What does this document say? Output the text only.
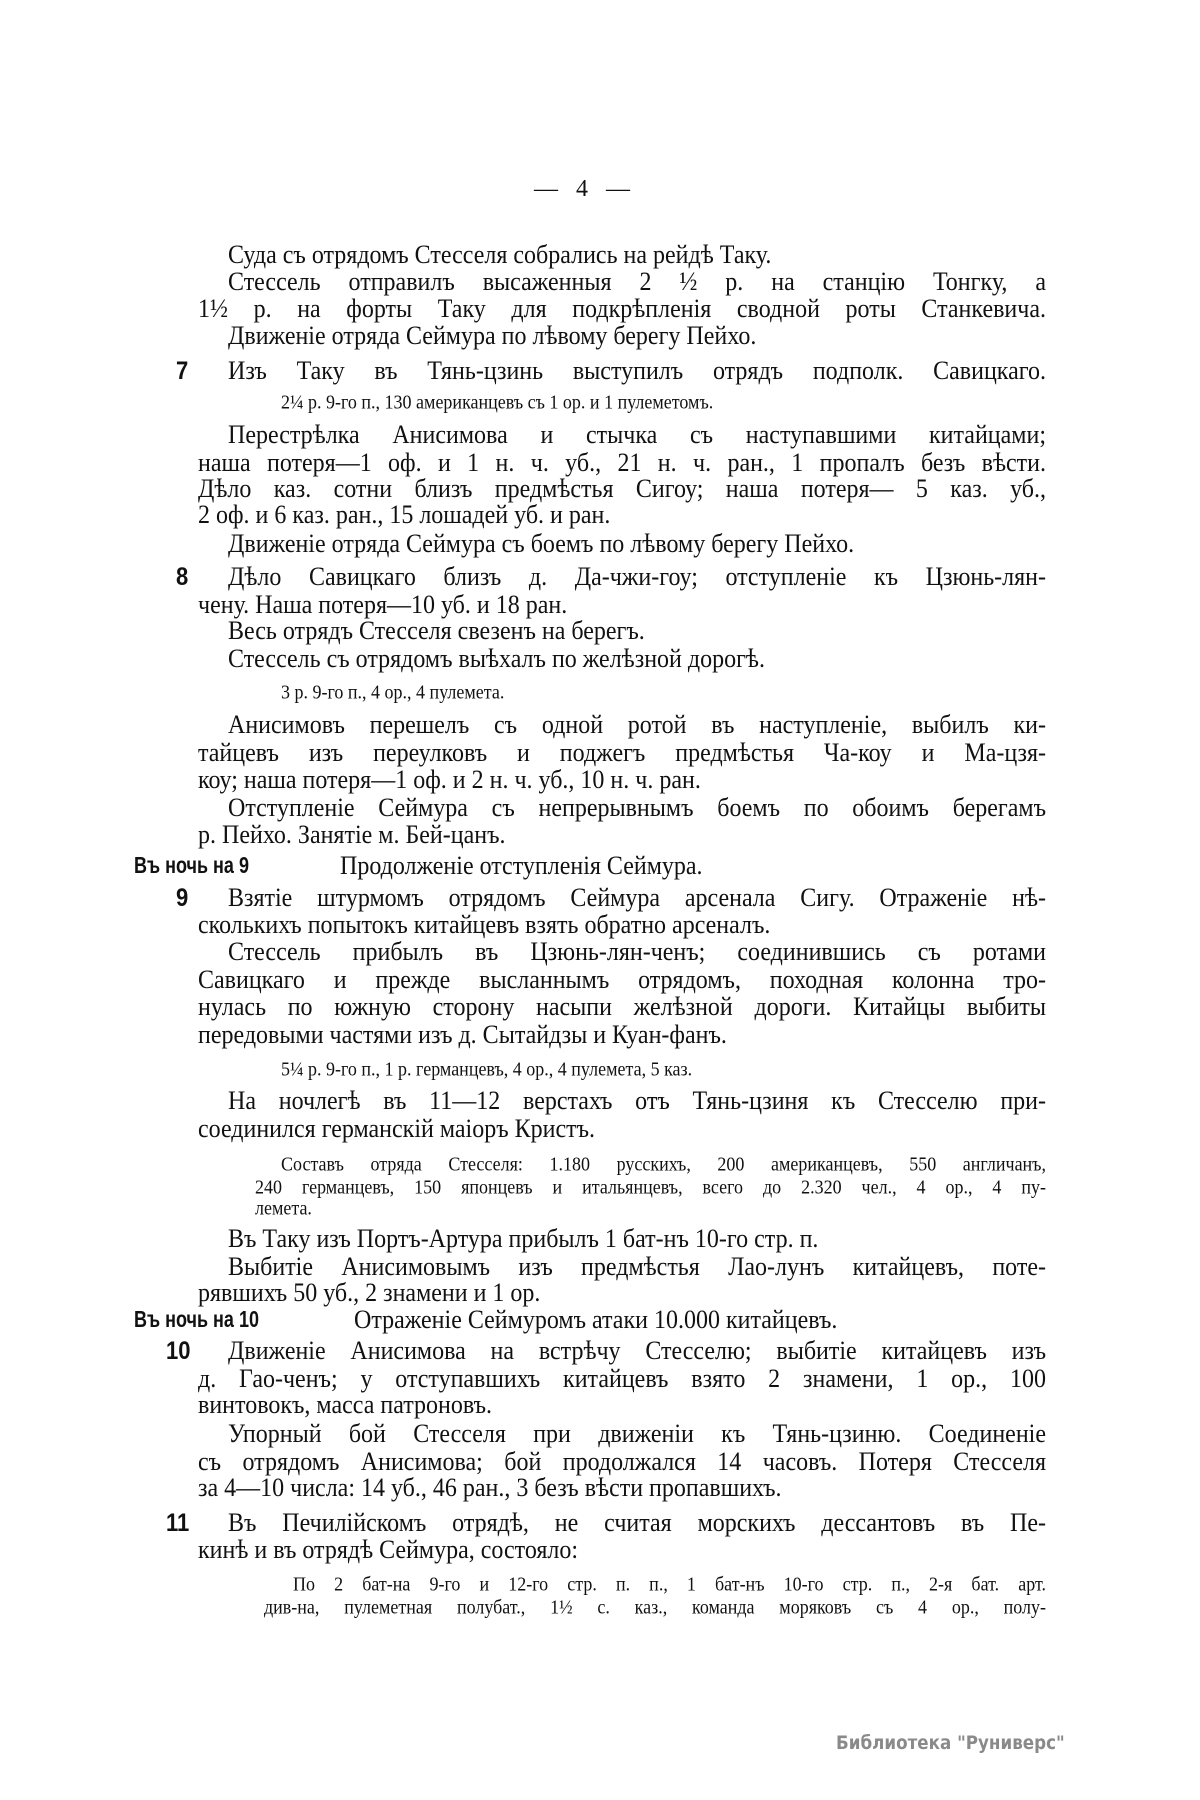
— 4 —
Суда съ отрядомъ Стесселя собрались на рейдѣ Таку.
Стессель отправилъ высаженныя 2 ½ р. на станцію Тонгку, а
1½ р. на форты Таку для подкрѣпленія сводной роты Станкевича.
Движеніе отряда Сеймура по лѣвому берегу Пейхо.
7 Изъ Таку въ Тянь-цзинь выступилъ отрядъ подполк. Савицкаго.
2¼ р. 9-го п., 130 американцевъ съ 1 ор. и 1 пулеметомъ.
Перестрѣлка Анисимова и стычка съ наступавшими китайцами;
наша потеря—1 оф. и 1 н. ч. уб., 21 н. ч. ран., 1 пропалъ безъ вѣсти.
Дѣло каз. сотни близъ предмѣстья Сигоу; наша потеря— 5 каз. уб.,
2 оф. и 6 каз. ран., 15 лошадей уб. и ран.
Движеніе отряда Сеймура съ боемъ по лѣвому берегу Пейхо.
8 Дѣло Савицкаго близъ д. Да-чжи-гоу; отступленіе къ Цзюнь-лян-
чену. Наша потеря—10 уб. и 18 ран.
Весь отрядъ Стесселя свезенъ на берегъ.
Стессель съ отрядомъ выѣхалъ по желѣзной дорогѣ.
3 р. 9-го п., 4 ор., 4 пулемета.
Анисимовъ перешелъ съ одной ротой въ наступленіе, выбилъ ки-
тайцевъ изъ переулковъ и поджегъ предмѣстья Ча-коу и Ма-цзя-
коу; наша потеря—1 оф. и 2 н. ч. уб., 10 н. ч. ран.
Отступленіе Сеймура съ непрерывнымъ боемъ по обоимъ берегамъ
р. Пейхо. Занятіе м. Бей-цанъ.
Въ ночь на 9	Продолженіе отступленія Сеймура.
9 Взятіе штурмомъ отрядомъ Сеймура арсенала Сигу. Отраженіе нѣ-
сколькихъ попытокъ китайцевъ взять обратно арсеналъ.
Стессель прибылъ въ Цзюнь-лян-ченъ; соединившись съ ротами
Савицкаго и прежде высланнымъ отрядомъ, походная колонна тро-
нулась по южную сторону насыпи желѣзной дороги. Китайцы выбиты
передовыми частями изъ д. Сытайдзы и Куан-фанъ.
5¼ р. 9-го п., 1 р. германцевъ, 4 ор., 4 пулемета, 5 каз.
На ночлегѣ въ 11—12 верстахъ отъ Тянь-цзиня къ Стесселю при-
соединился германскій маіоръ Кристъ.
Составъ отряда Стесселя: 1.180 русскихъ, 200 американцевъ, 550 англичанъ,
240 германцевъ, 150 японцевъ и итальянцевъ, всего до 2.320 чел., 4 ор., 4 пу-
лемета.
Въ Таку изъ Портъ-Артура прибылъ 1 бат-нъ 10-го стр. п.
Выбитіе Анисимовымъ изъ предмѣстья Лао-лунъ китайцевъ, поте-
рявшихъ 50 уб., 2 знамени и 1 ор.
Въ ночь на 10	Отраженіе Сеймуромъ атаки 10.000 китайцевъ.
10 Движеніе Анисимова на встрѣчу Стесселю; выбитіе китайцевъ изъ
д. Гао-ченъ; у отступавшихъ китайцевъ взято 2 знамени, 1 ор., 100
винтовокъ, масса патроновъ.
Упорный бой Стесселя при движеніи къ Тянь-цзиню. Соединеніе
съ отрядомъ Анисимова; бой продолжался 14 часовъ. Потеря Стесселя
за 4—10 числа: 14 уб., 46 ран., 3 безъ вѣсти пропавшихъ.
11 Въ Печилійскомъ отрядѣ, не считая морскихъ дессантовъ въ Пе-
кинѣ и въ отрядѣ Сеймура, состояло:
По 2 бат-на 9-го и 12-го стр. п. п., 1 бат-нъ 10-го стр. п., 2-я бат. арт.
див-на, пулеметная полубат., 1½ с. каз., команда моряковъ съ 4 ор., полу-
Библиотека "Руниверс"
